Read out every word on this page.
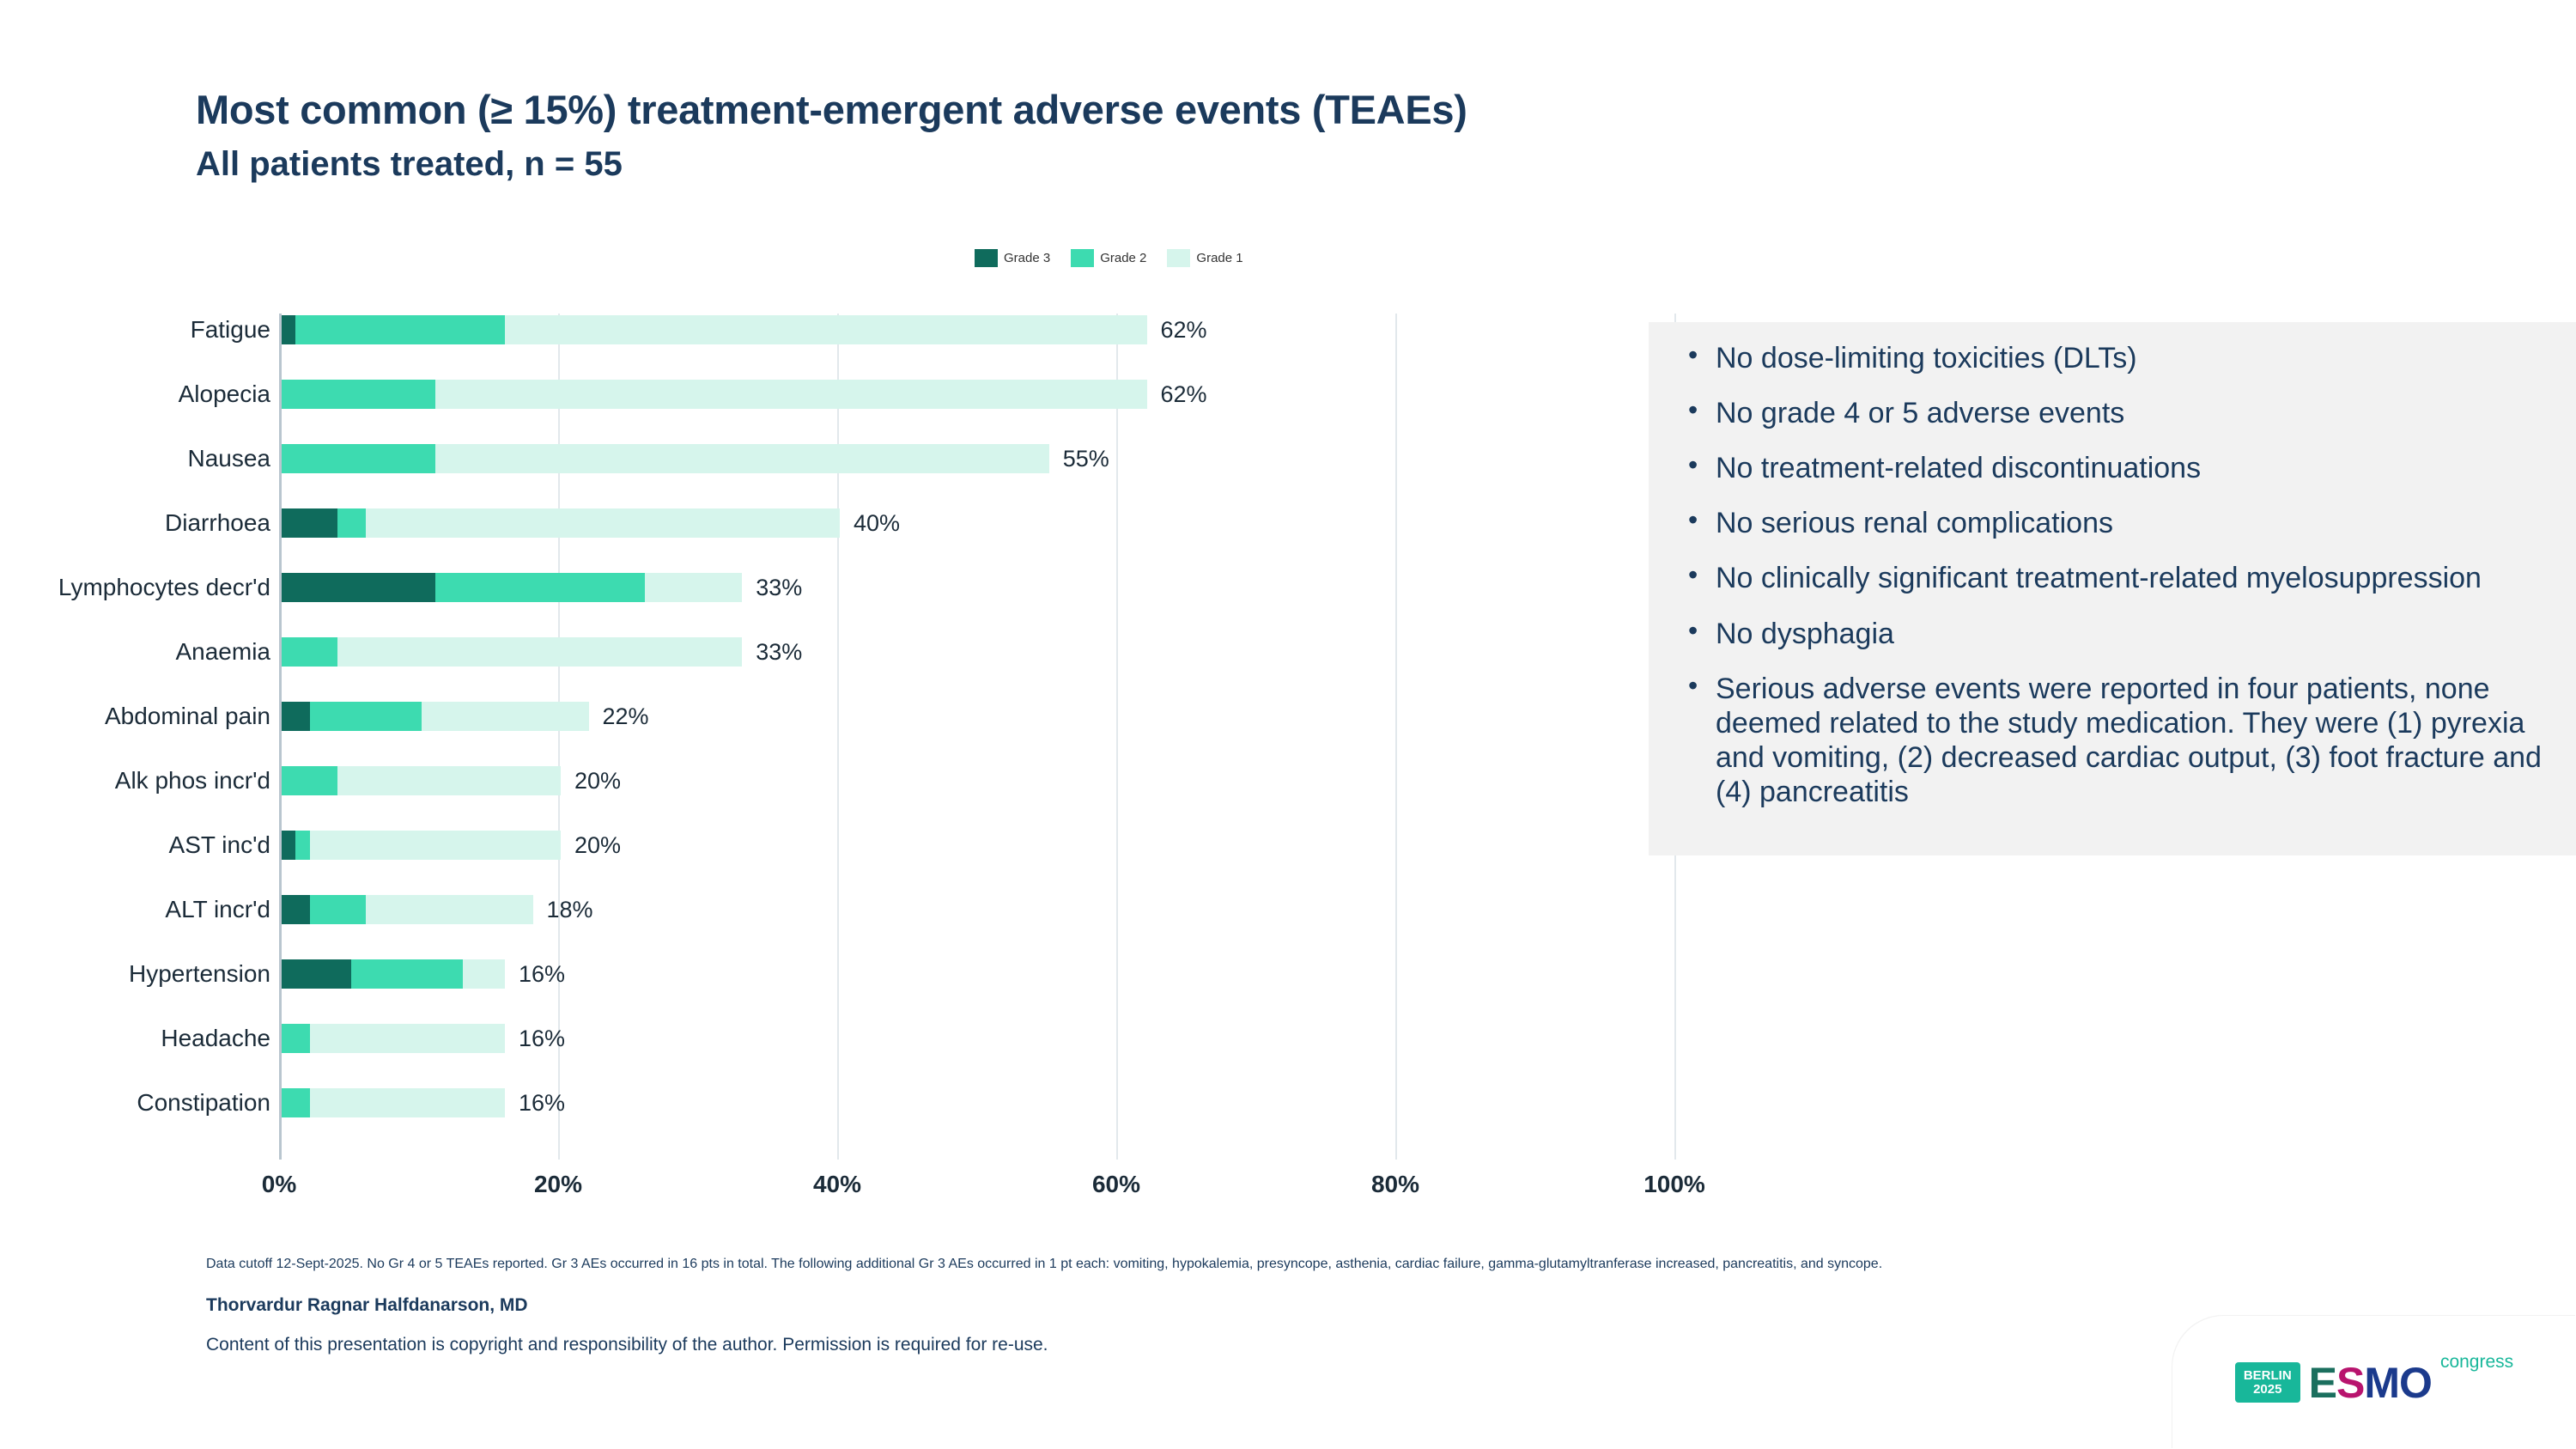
Most common (≥ 15%) treatment-emergent adverse events (TEAEs)
All patients treated, n = 55
Grade 3	Grade 2	Grade 1
Fatigue	62%
Alopecia	62%
Nausea	55%
Diarrhoea	40%
Lymphocytes decr'd	33%
Anaemia	33%
Abdominal pain	22%
Alk phos incr'd	20%
AST inc'd	20%
ALT incr'd	18%
Hypertension	16%
Headache	16%
Constipation	16%
0%	20%	40%	60%	80%	100%
• No dose-limiting toxicities (DLTs)
• No grade 4 or 5 adverse events
• No treatment-related discontinuations
• No serious renal complications
• No clinically significant treatment-related myelosuppression
• No dysphagia
• Serious adverse events were reported in four patients, none deemed related to the study medication. They were (1) pyrexia and vomiting, (2) decreased cardiac output, (3) foot fracture and (4) pancreatitis
Data cutoff 12-Sept-2025. No Gr 4 or 5 TEAEs reported. Gr 3 AEs occurred in 16 pts in total. The following additional Gr 3 AEs occurred in 1 pt each: vomiting, hypokalemia, presyncope, asthenia, cardiac failure, gamma-glutamyltranferase increased, pancreatitis, and syncope.
Thorvardur Ragnar Halfdanarson, MD
Content of this presentation is copyright and responsibility of the author. Permission is required for re-use.
BERLIN
2025 E S M O congress
